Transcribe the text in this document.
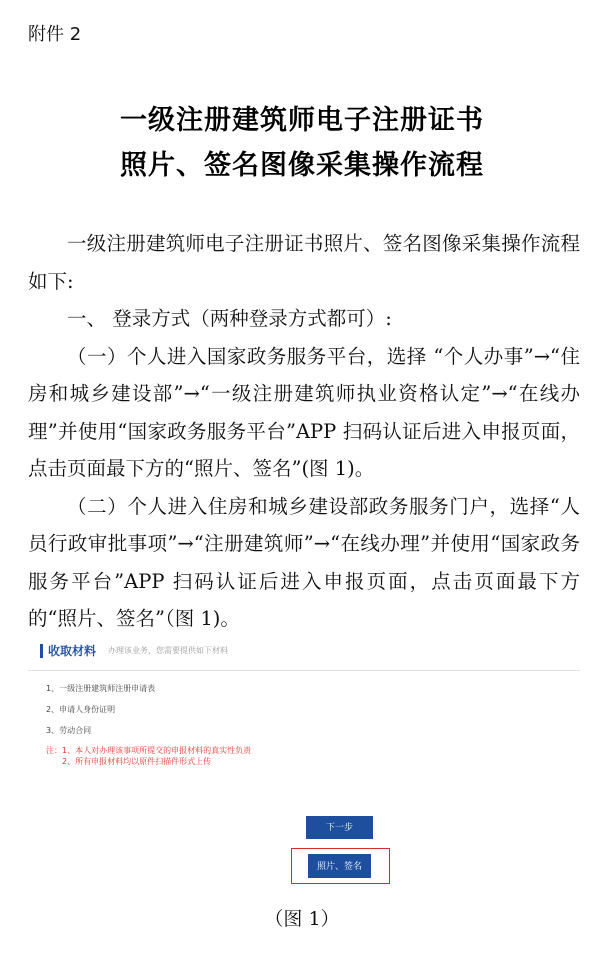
附件 2
一级注册建筑师电子注册证书
照片、签名图像采集操作流程

一级注册建筑师电子注册证书照片、签名图像采集操作流程如下:

一、 登录方式（两种登录方式都可）:

（一）个人进入国家政务服务平台，选择 “个人办事”→“住房和城乡建设部”→“一级注册建筑师执业资格认定”→“在线办理”并使用“国家政务服务平台”APP 扫码认证后进入申报页面，点击页面最下方的“照片、签名”(图 1)。

（二）个人进入住房和城乡建设部政务服务门户，选择“人员行政审批事项”→“注册建筑师”→“在线办理”并使用“国家政务服务平台”APP 扫码认证后进入申报页面，点击页面最下方的“照片、签名”（图 1)。

收取材料 办理该业务，您需要提供如下材料
1、一级注册建筑师注册申请表
2、申请人身份证明
3、劳动合同
注：1、本人对办理该事项所提交的申报材料的真实性负责
2、所有申报材料均以原件扫描件形式上传
下一步
照片、签名
（图 1）
